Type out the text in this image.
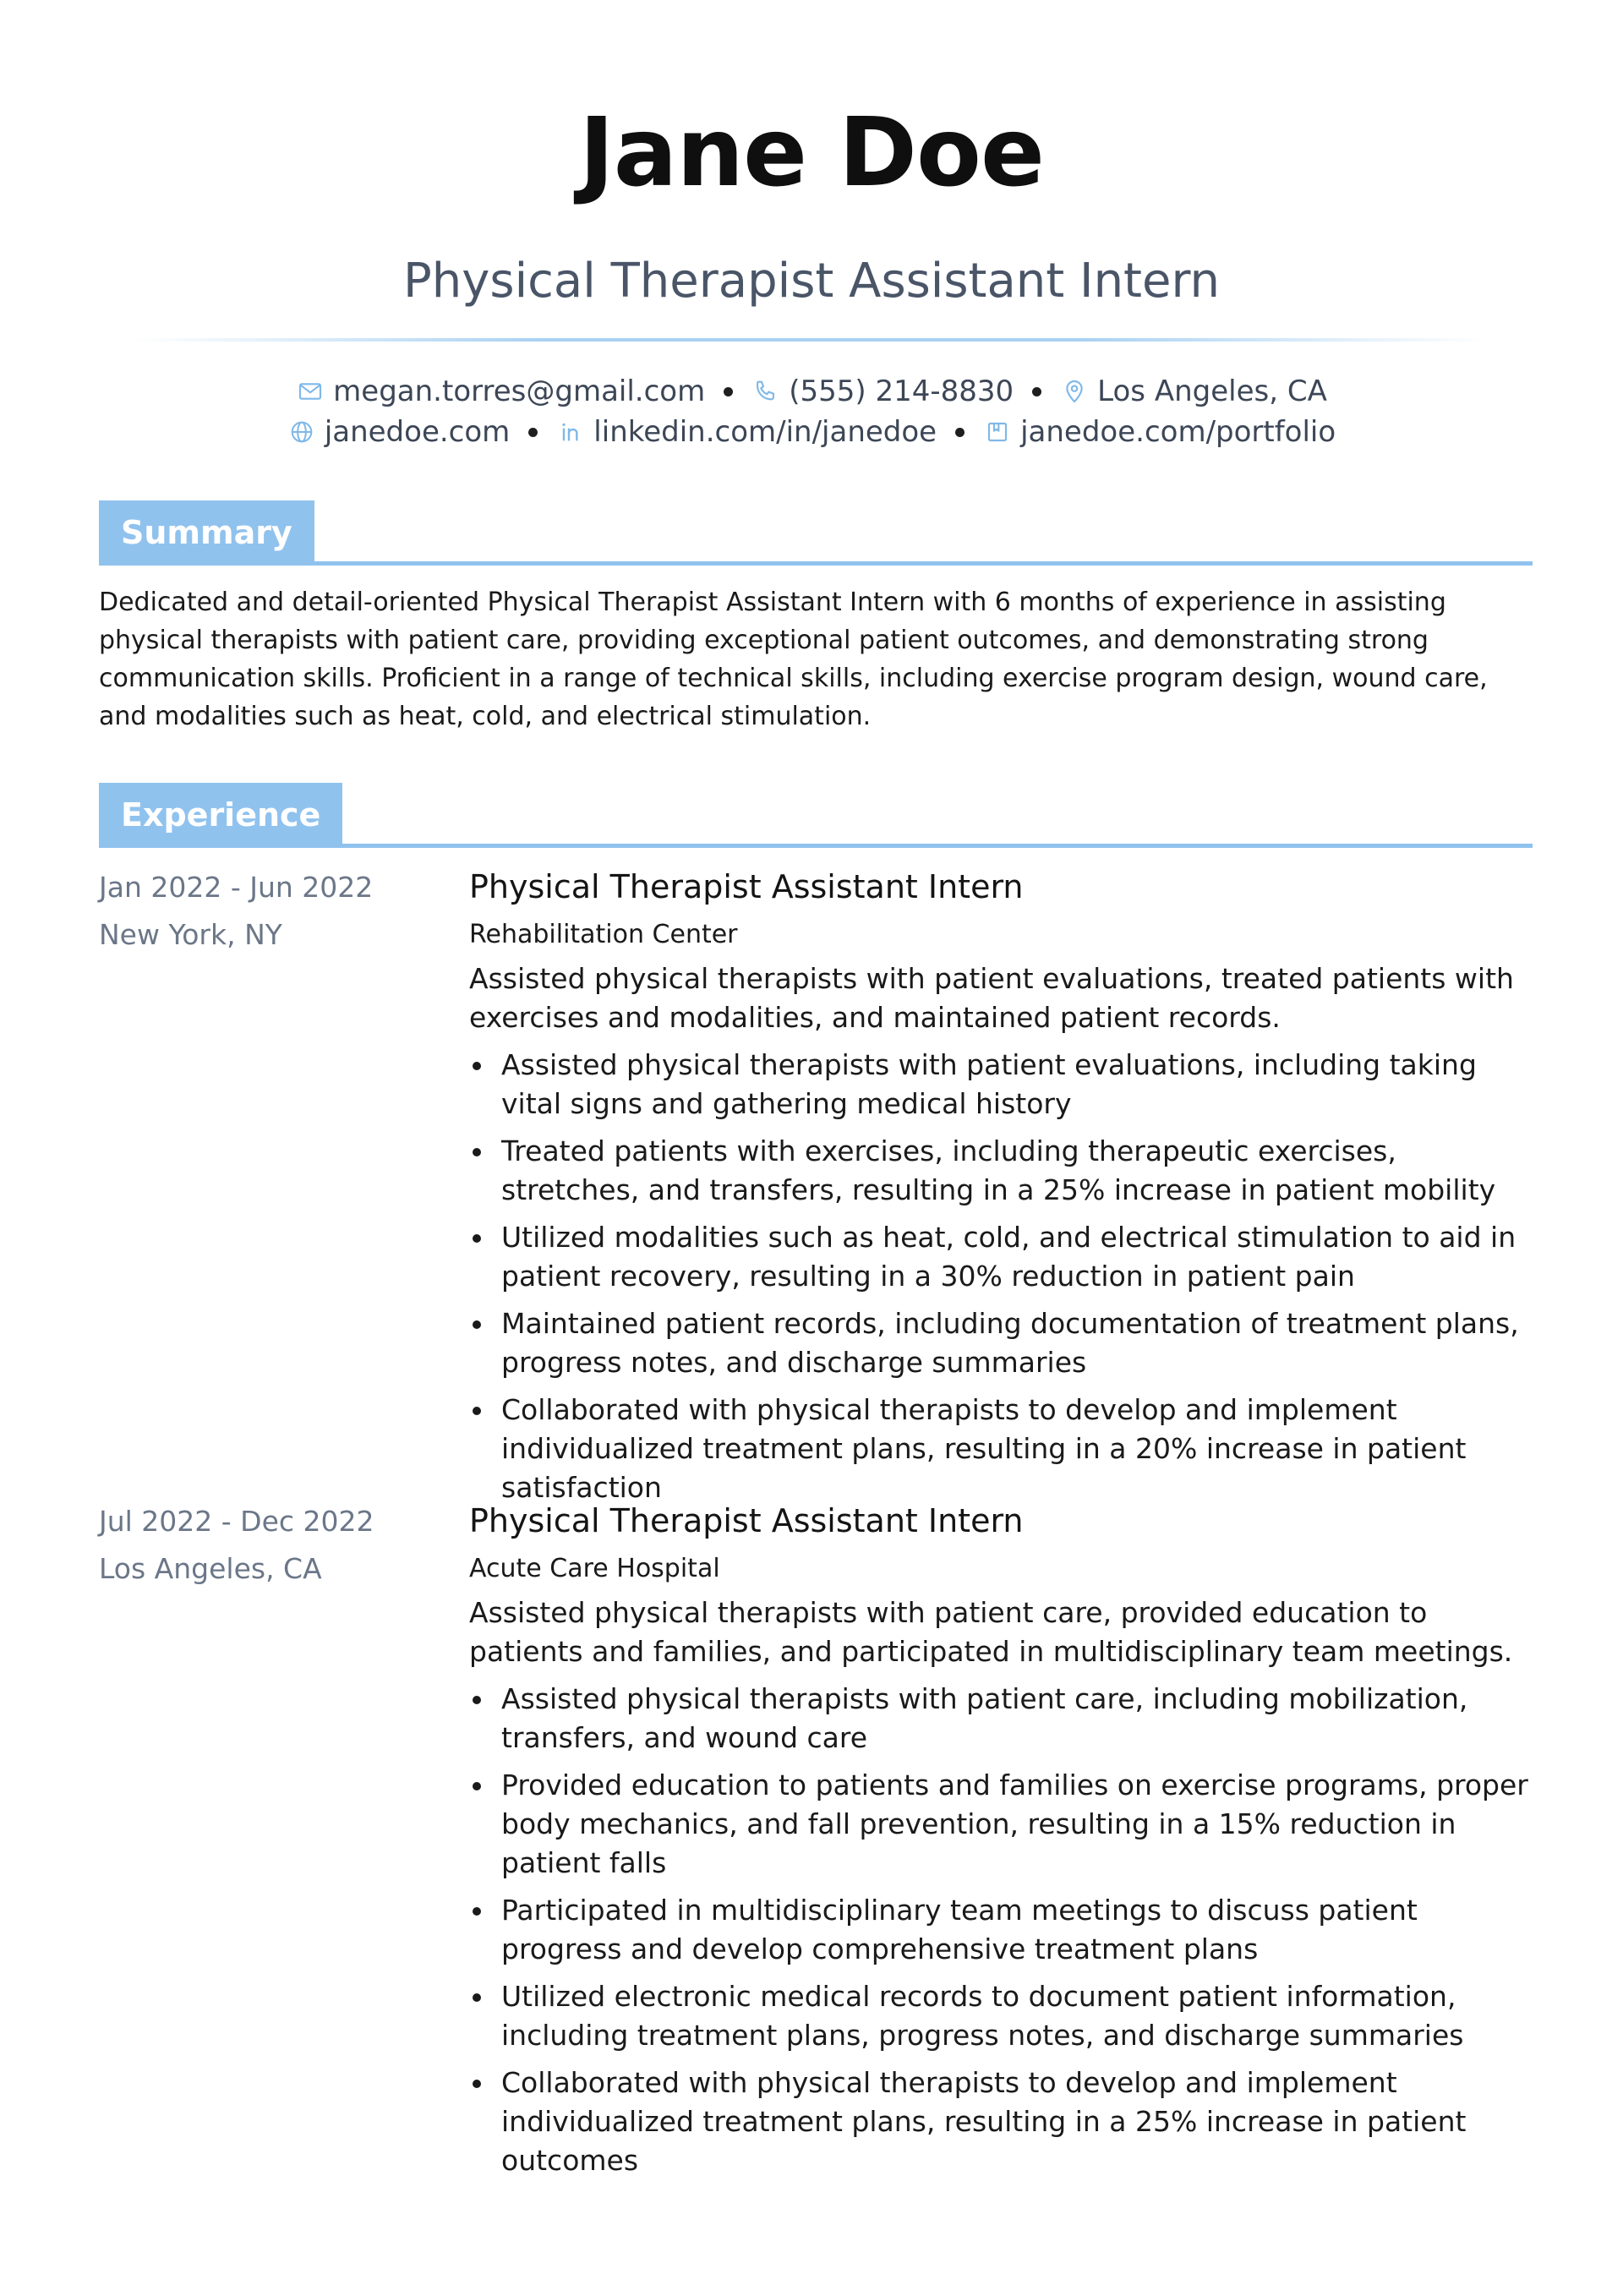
Jane Doe
Physical Therapist Assistant Intern
megan.torres@gmail.com	(555) 214-8830	Los Angeles, CA
janedoe.com	linkedin.com/in/janedoe	janedoe.com/portfolio
Summary
Dedicated and detail-oriented Physical Therapist Assistant Intern with 6 months of experience in assisting physical therapists with patient care, providing exceptional patient outcomes, and demonstrating strong communication skills. Proficient in a range of technical skills, including exercise program design, wound care, and modalities such as heat, cold, and electrical stimulation.
Experience
Jan 2022 - Jun 2022
New York, NY
Physical Therapist Assistant Intern
Rehabilitation Center
Assisted physical therapists with patient evaluations, treated patients with exercises and modalities, and maintained patient records.
Assisted physical therapists with patient evaluations, including taking vital signs and gathering medical history
Treated patients with exercises, including therapeutic exercises, stretches, and transfers, resulting in a 25% increase in patient mobility
Utilized modalities such as heat, cold, and electrical stimulation to aid in patient recovery, resulting in a 30% reduction in patient pain
Maintained patient records, including documentation of treatment plans, progress notes, and discharge summaries
Collaborated with physical therapists to develop and implement individualized treatment plans, resulting in a 20% increase in patient satisfaction
Jul 2022 - Dec 2022
Los Angeles, CA
Physical Therapist Assistant Intern
Acute Care Hospital
Assisted physical therapists with patient care, provided education to patients and families, and participated in multidisciplinary team meetings.
Assisted physical therapists with patient care, including mobilization, transfers, and wound care
Provided education to patients and families on exercise programs, proper body mechanics, and fall prevention, resulting in a 15% reduction in patient falls
Participated in multidisciplinary team meetings to discuss patient progress and develop comprehensive treatment plans
Utilized electronic medical records to document patient information, including treatment plans, progress notes, and discharge summaries
Collaborated with physical therapists to develop and implement individualized treatment plans, resulting in a 25% increase in patient outcomes
